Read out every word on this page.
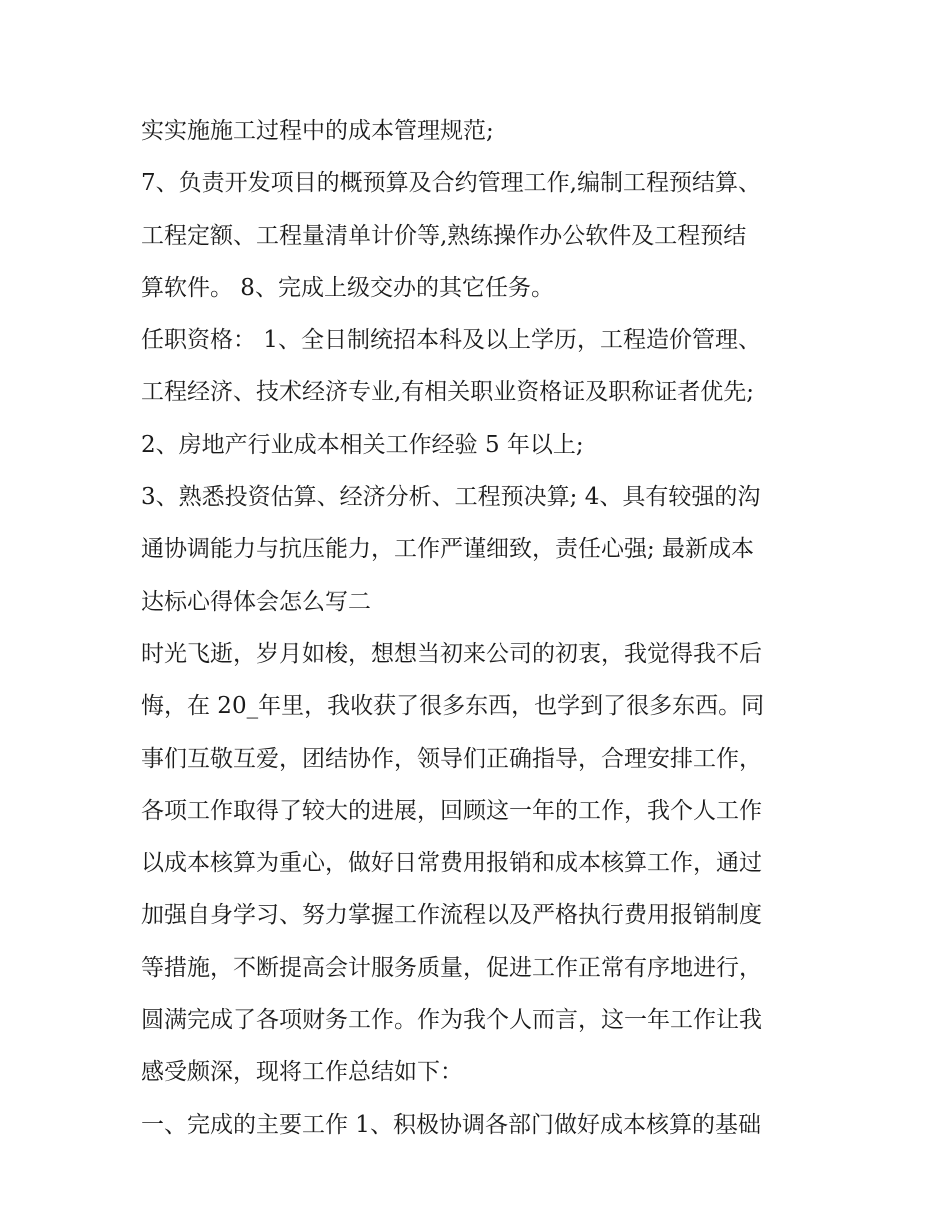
实实施施工过程中的成本管理规范;
7、负责开发项目的概预算及合约管理工作,编制工程预结算、
工程定额、工程量清单计价等,熟练操作办公软件及工程预结
算软件。 8、完成上级交办的其它任务。
任职资格： 1、全日制统招本科及以上学历，工程造价管理、
工程经济、技术经济专业,有相关职业资格证及职称证者优先;
2、房地产行业成本相关工作经验 5 年以上;
3、熟悉投资估算、经济分析、工程预决算; 4、具有较强的沟
通协调能力与抗压能力，工作严谨细致，责任心强; 最新成本
达标心得体会怎么写二
时光飞逝，岁月如梭，想想当初来公司的初衷，我觉得我不后
悔，在 20_年里，我收获了很多东西，也学到了很多东西。同
事们互敬互爱，团结协作，领导们正确指导，合理安排工作，
各项工作取得了较大的进展，回顾这一年的工作，我个人工作
以成本核算为重心，做好日常费用报销和成本核算工作，通过
加强自身学习、努力掌握工作流程以及严格执行费用报销制度
等措施，不断提高会计服务质量，促进工作正常有序地进行，
圆满完成了各项财务工作。作为我个人而言，这一年工作让我
感受颇深，现将工作总结如下：
一、完成的主要工作 1、积极协调各部门做好成本核算的基础
